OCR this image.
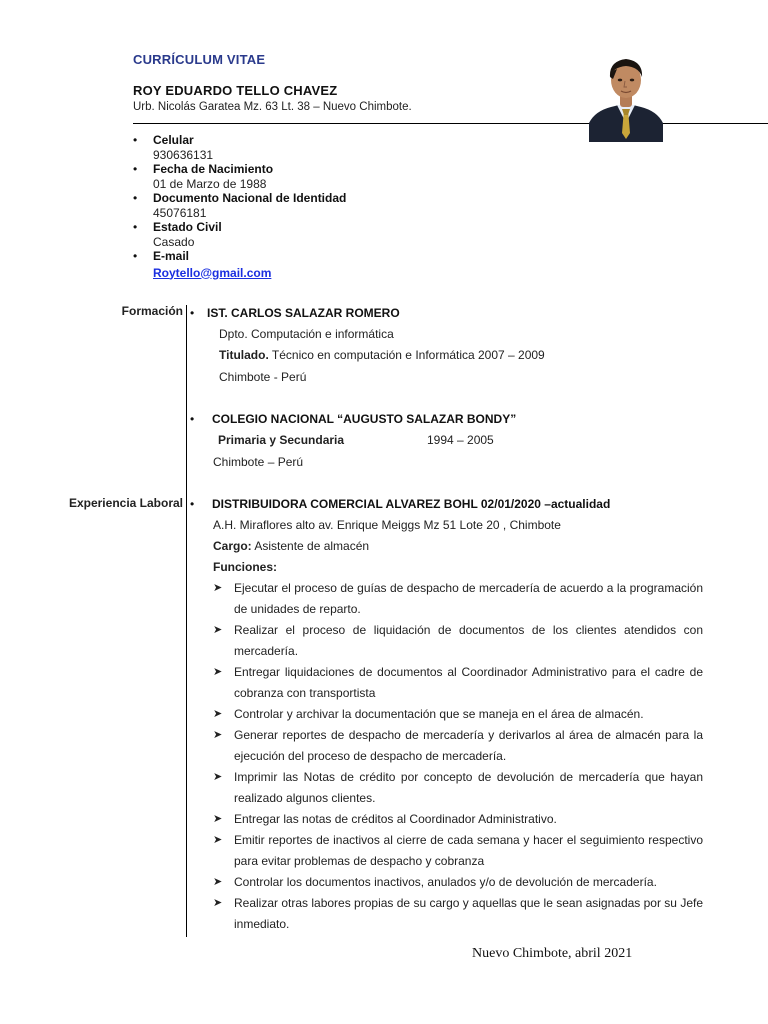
CURRÍCULUM VITAE
ROY EDUARDO TELLO CHAVEZ
Urb. Nicolás Garatea Mz. 63 Lt. 38 – Nuevo Chimbote.
• Celular
930636131
• Fecha de Nacimiento
01 de Marzo de 1988
• Documento Nacional de Identidad
45076181
• Estado Civil
Casado
• E-mail
Roytello@gmail.com
Formación • IST. CARLOS SALAZAR ROMERO
Dpto. Computación e informática
Titulado. Técnico en computación e Informática 2007 – 2009
Chimbote - Perú
• COLEGIO NACIONAL “AUGUSTO SALAZAR BONDY”
Primaria y Secundaria	1994 – 2005
Chimbote – Perú
Experiencia Laboral • DISTRIBUIDORA COMERCIAL ALVAREZ BOHL 02/01/2020 –actualidad
A.H. Miraflores alto av. Enrique Meiggs Mz 51 Lote 20 , Chimbote
Cargo: Asistente de almacén
Funciones:
➤ Ejecutar el proceso de guías de despacho de mercadería de acuerdo a la programación de unidades de reparto.
➤ Realizar el proceso de liquidación de documentos de los clientes atendidos con mercadería.
➤ Entregar liquidaciones de documentos al Coordinador Administrativo para el cadre de cobranza con transportista
➤ Controlar y archivar la documentación que se maneja en el área de almacén.
➤ Generar reportes de despacho de mercadería y derivarlos al área de almacén para la ejecución del proceso de despacho de mercadería.
➤ Imprimir las Notas de crédito por concepto de devolución de mercadería que hayan realizado algunos clientes.
➤ Entregar las notas de créditos al Coordinador Administrativo.
➤ Emitir reportes de inactivos al cierre de cada semana y hacer el seguimiento respectivo para evitar problemas de despacho y cobranza
➤ Controlar los documentos inactivos, anulados y/o de devolución de mercadería.
➤ Realizar otras labores propias de su cargo y aquellas que le sean asignadas por su Jefe inmediato.
Nuevo Chimbote, abril 2021
